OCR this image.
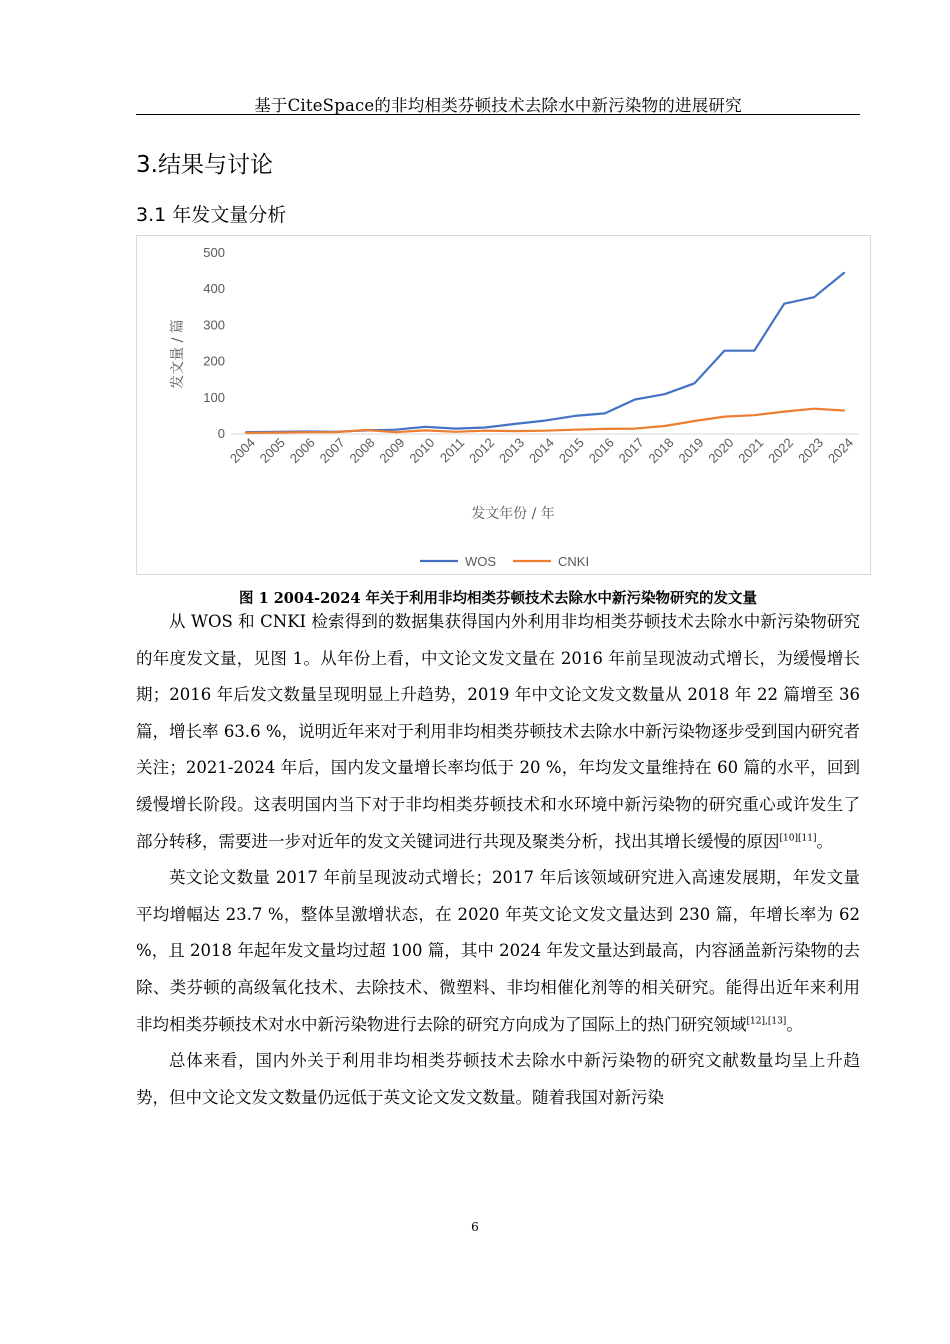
基于CiteSpace的非均相类芬顿技术去除水中新污染物的进展研究
3.结果与讨论
3.1 年发文量分析
0
100
200
300
400
500
2004
2005
2006
2007
2008
2009
2010 2011
2012
2013
2014
2015
2016
2017
2018
2019
2020
2021
2022
2023
2024
发文量 / 篇
发文年份 / 年
WOS	CNKI
图 1 2004-2024 年关于利用非均相类芬顿技术去除水中新污染物研究的发文量

从 WOS 和 CNKI 检索得到的数据集获得国内外利用非均相类芬顿技术去除水中新污染物研究的年度发文量，见图 1。从年份上看，中文论文发文量在 2016 年前呈现波动式增长，为缓慢增长期；2016 年后发文数量呈现明显上升趋势，2019 年中文论文发文数量从 2018 年 22 篇增至 36 篇，增长率 63.6 %，说明近年来对于利用非均相类芬顿技术去除水中新污染物逐步受到国内研究者关注；2021-2024 年后，国内发文量增长率均低于 20 %，年均发文量维持在 60 篇的水平，回到缓慢增长阶段。这表明国内当下对于非均相类芬顿技术和水环境中新污染物的研究重心或许发生了部分转移，需要进一步对近年的发文关键词进行共现及聚类分析，找出其增长缓慢的原因[10][11]。

英文论文数量 2017 年前呈现波动式增长；2017 年后该领域研究进入高速发展期，年发文量平均增幅达 23.7 %，整体呈激增状态，在 2020 年英文论文发文量达到 230 篇，年增长率为 62 %，且 2018 年起年发文量均过超 100 篇，其中 2024 年发文量达到最高，内容涵盖新污染物的去除、类芬顿的高级氧化技术、去除技术、微塑料、非均相催化剂等的相关研究。能得出近年来利用非均相类芬顿技术对水中新污染物进行去除的研究方向成为了国际上的热门研究领域[12],[13]。

总体来看，国内外关于利用非均相类芬顿技术去除水中新污染物的研究文献数量均呈上升趋势，但中文论文发文数量仍远低于英文论文发文数量。随着我国对新污染

6
